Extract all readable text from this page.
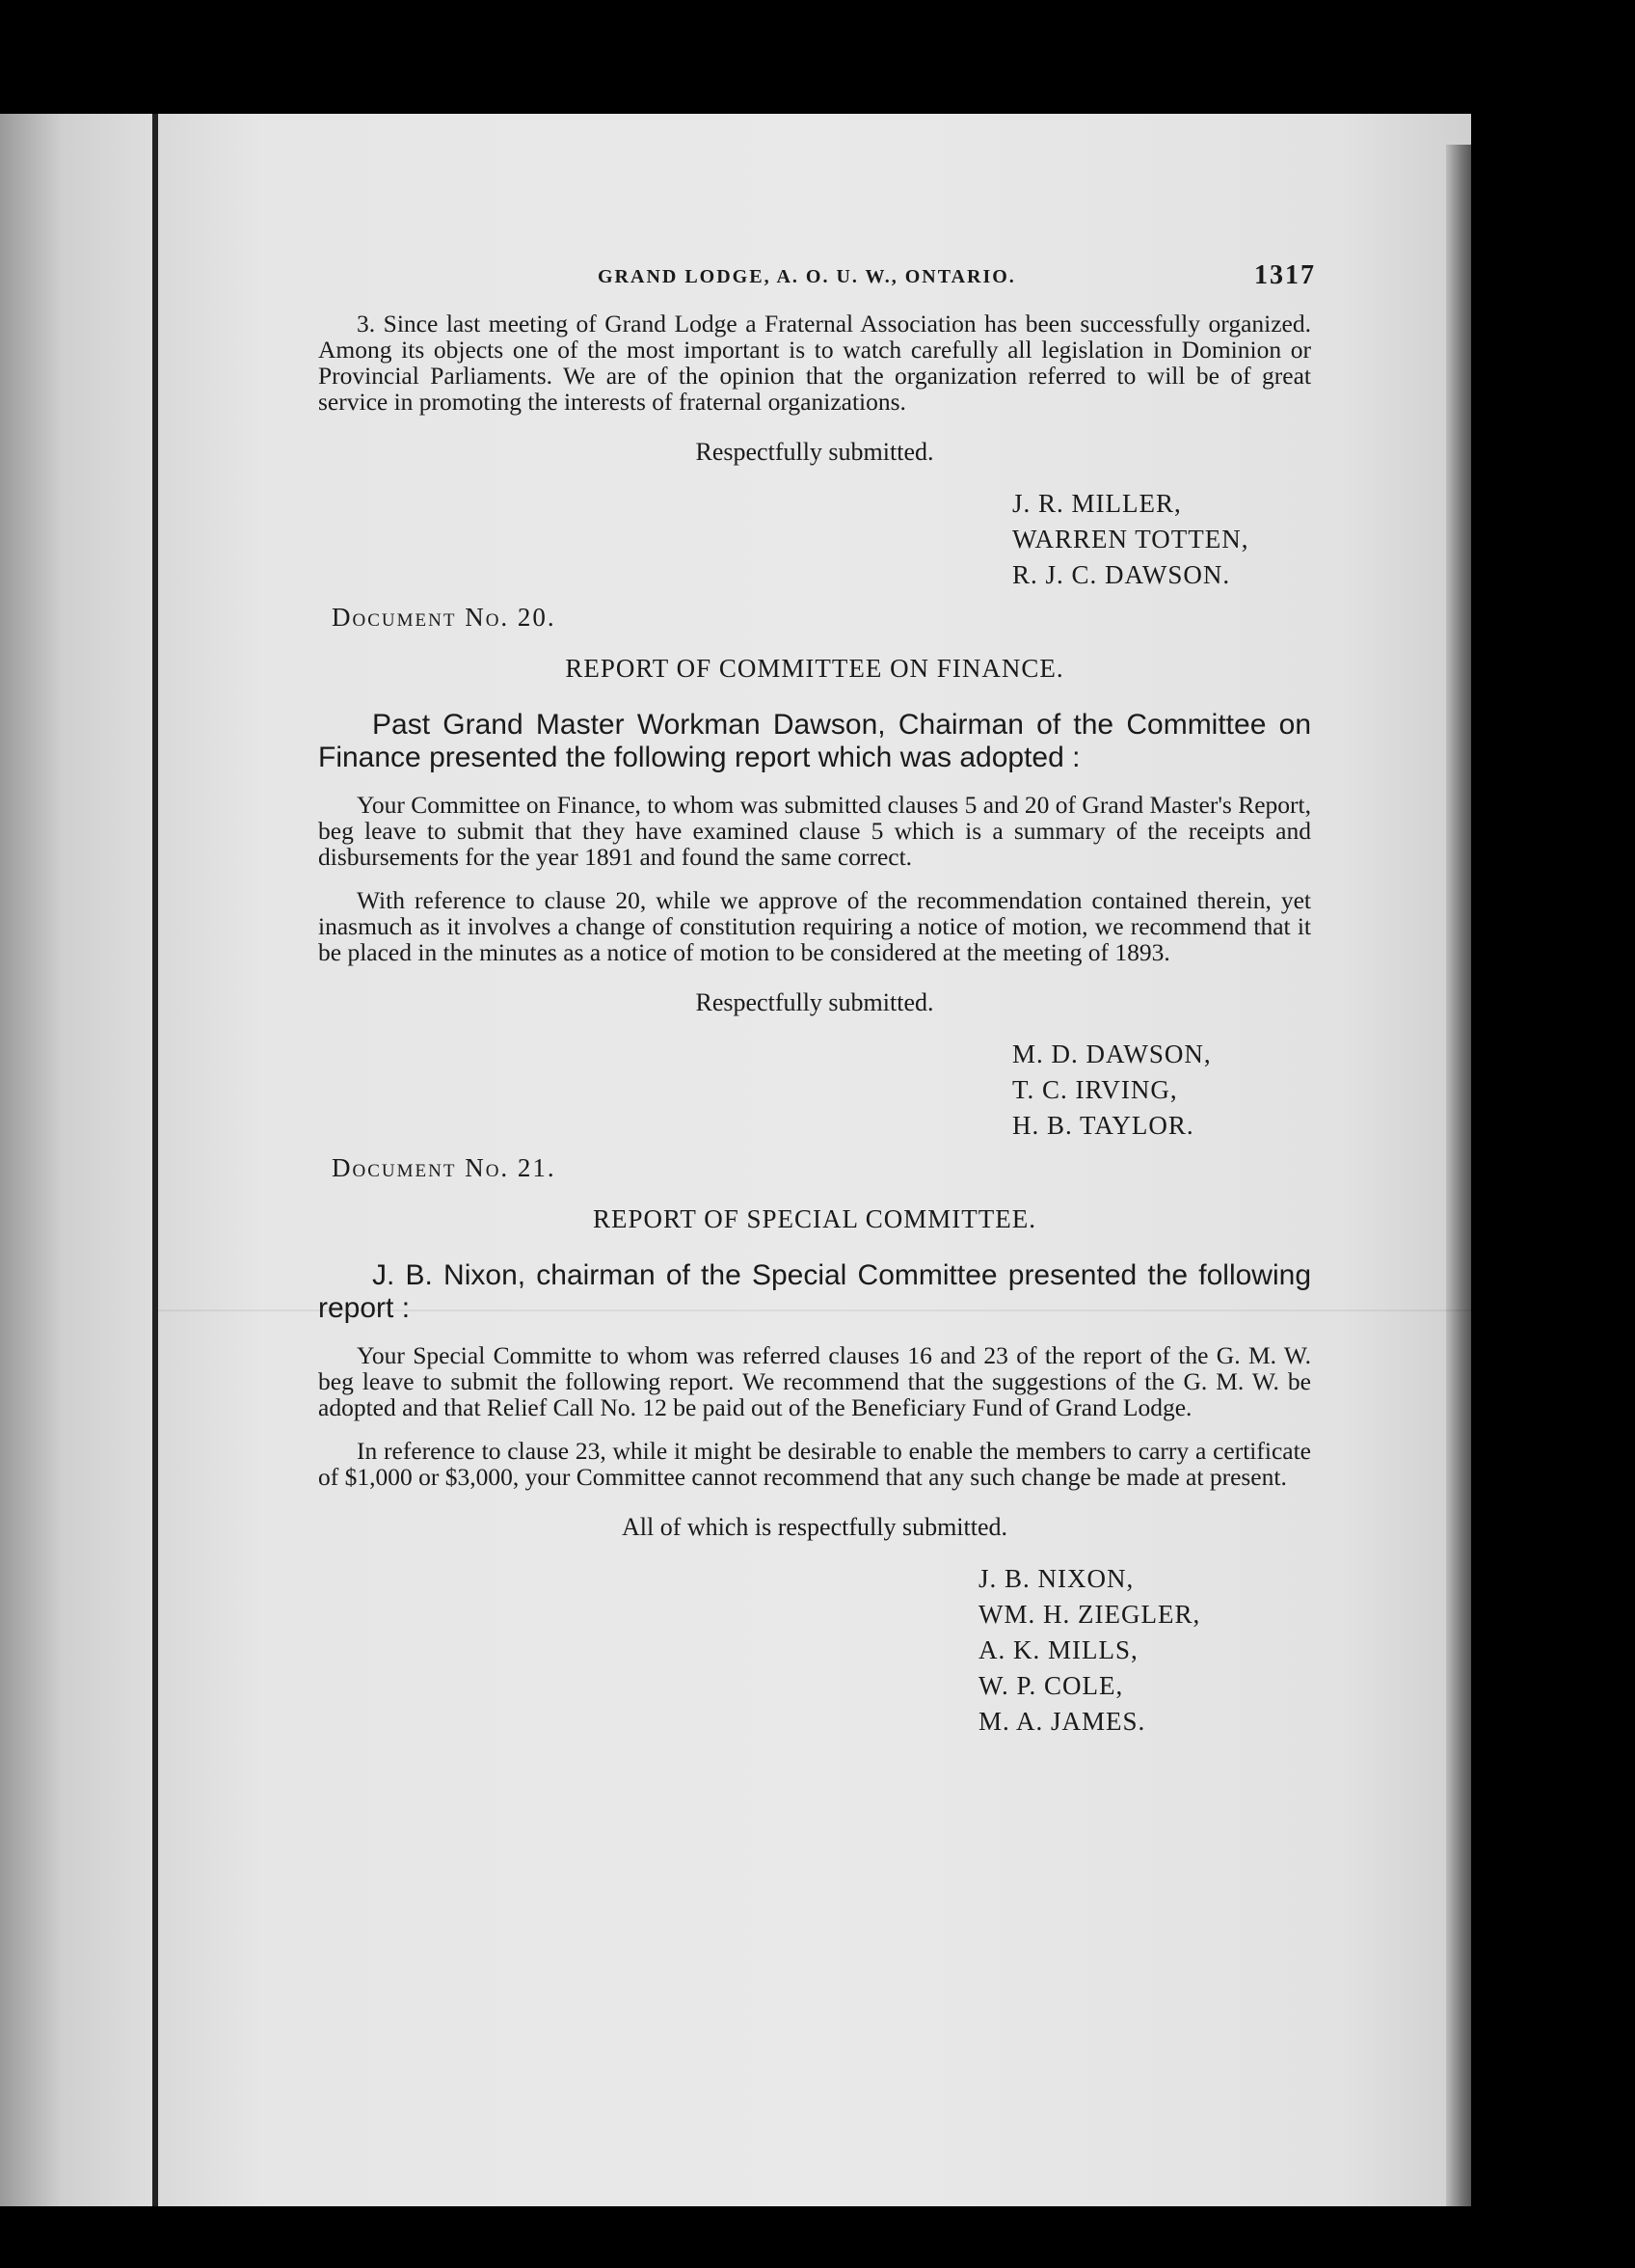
GRAND LODGE, A. O. U. W., ONTARIO.	1317

3. Since last meeting of Grand Lodge a Fraternal Association has been successfully organized. Among its objects one of the most important is to watch carefully all legislation in Dominion or Provincial Parliaments. We are of the opinion that the organization referred to will be of great service in promoting the interests of fraternal organizations.

Respectfully submitted.

J. R. MILLER,
WARREN TOTTEN,
R. J. C. DAWSON.
Document No. 20.
REPORT OF COMMITTEE ON FINANCE.

Past Grand Master Workman Dawson, Chairman of the Committee on Finance presented the following report which was adopted :

Your Committee on Finance, to whom was submitted clauses 5 and 20 of Grand Master's Report, beg leave to submit that they have examined clause 5 which is a summary of the receipts and disbursements for the year 1891 and found the same correct.

With reference to clause 20, while we approve of the recommendation contained therein, yet inasmuch as it involves a change of constitution requiring a notice of motion, we recommend that it be placed in the minutes as a notice of motion to be considered at the meeting of 1893.

Respectfully submitted.

M. D. DAWSON,
T. C. IRVING,
H. B. TAYLOR.
Document No. 21.
REPORT OF SPECIAL COMMITTEE.

J. B. Nixon, chairman of the Special Committee presented the following report :

Your Special Committe to whom was referred clauses 16 and 23 of the report of the G. M. W. beg leave to submit the following report. We recommend that the suggestions of the G. M. W. be adopted and that Relief Call No. 12 be paid out of the Beneficiary Fund of Grand Lodge.

In reference to clause 23, while it might be desirable to enable the members to carry a certificate of $1,000 or $3,000, your Committee cannot recommend that any such change be made at present.

All of which is respectfully submitted.

J. B. NIXON,
WM. H. ZIEGLER,
A. K. MILLS,
W. P. COLE,
M. A. JAMES.
